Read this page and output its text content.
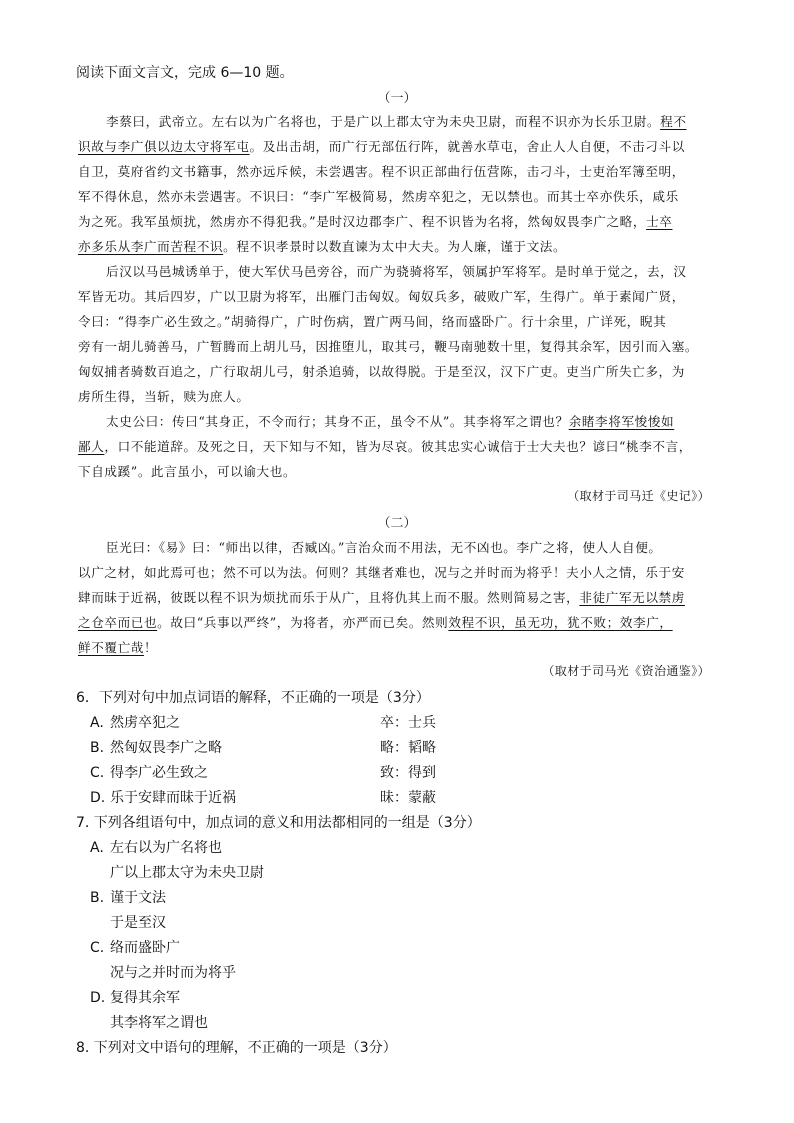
阅读下面文言文，完成 6—10 题。
（一）
李蔡曰，武帝立。左右以为广名将也，于是广以上郡太守为未央卫尉，而程不识亦为长乐卫尉。程不
识故与李广俱以边太守将军屯。及出击胡，而广行无部伍行阵，就善水草屯，舍止人人自便，不击刁斗以
自卫，莫府省约文书籍事，然亦远斥候，未尝遇害。程不识正部曲行伍营陈，击刁斗，士吏治军簿至明，
军不得休息，然亦未尝遇害。不识曰：“李广军极简易，然虏卒犯之，无以禁也。而其士卒亦佚乐，咸乐
为之死。我军虽烦扰，然虏亦不得犯我。”是时汉边郡李广、程不识皆为名将，然匈奴畏李广之略，士卒
亦多乐从李广而苦程不识。程不识孝景时以数直谏为太中大夫。为人廉，谨于文法。
后汉以马邑城诱单于，使大军伏马邑旁谷，而广为骁骑将军，领属护军将军。是时单于觉之，去，汉
军皆无功。其后四岁，广以卫尉为将军，出雁门击匈奴。匈奴兵多，破败广军，生得广。单于素闻广贤，
令曰：“得李广必生致之。”胡骑得广，广时伤病，置广两马间，络而盛卧广。行十余里，广详死，睨其
旁有一胡儿骑善马，广暂腾而上胡儿马，因推堕儿，取其弓，鞭马南驰数十里，复得其余军，因引而入塞。
匈奴捕者骑数百追之，广行取胡儿弓，射杀追骑，以故得脱。于是至汉，汉下广吏。吏当广所失亡多，为
虏所生得，当斩，赎为庶人。
太史公曰：传曰“其身正，不令而行；其身不正，虽令不从”。其李将军之谓也？余睹李将军悛悛如
鄙人，口不能道辞。及死之日，天下知与不知，皆为尽哀。彼其忠实心诚信于士大夫也？谚曰“桃李不言，
下自成蹊”。此言虽小，可以谕大也。
（取材于司马迁《史记》）
（二）
臣光曰：《易》曰：“师出以律，否臧凶。”言治众而不用法，无不凶也。李广之将，使人人自便。
以广之材，如此焉可也；然不可以为法。何则？其继者难也，况与之并时而为将乎！夫小人之情，乐于安
肆而昧于近祸，彼既以程不识为烦扰而乐于从广，且将仇其上而不服。然则简易之害，非徒广军无以禁虏
之仓卒而已也。故曰“兵事以严终”，为将者，亦严而已矣。然则效程不识，虽无功，犹不败；效李广，
鲜不覆亡哉！
（取材于司马光《资治通鉴》）
6．下列对句中加点词语的解释，不正确的一项是（3分）
A. 然虏卒犯之	卒：士兵
B. 然匈奴畏李广之略	略：韬略
C. 得李广必生致之	致：得到
D. 乐于安肆而昧于近祸	昧：蒙蔽
7. 下列各组语句中，加点词的意义和用法都相同的一组是（3分）
A. 左右以为广名将也
广以上郡太守为未央卫尉
B. 谨于文法
于是至汉
C. 络而盛卧广
况与之并时而为将乎
D. 复得其余军
其李将军之谓也
8. 下列对文中语句的理解，不正确的一项是（3分）
